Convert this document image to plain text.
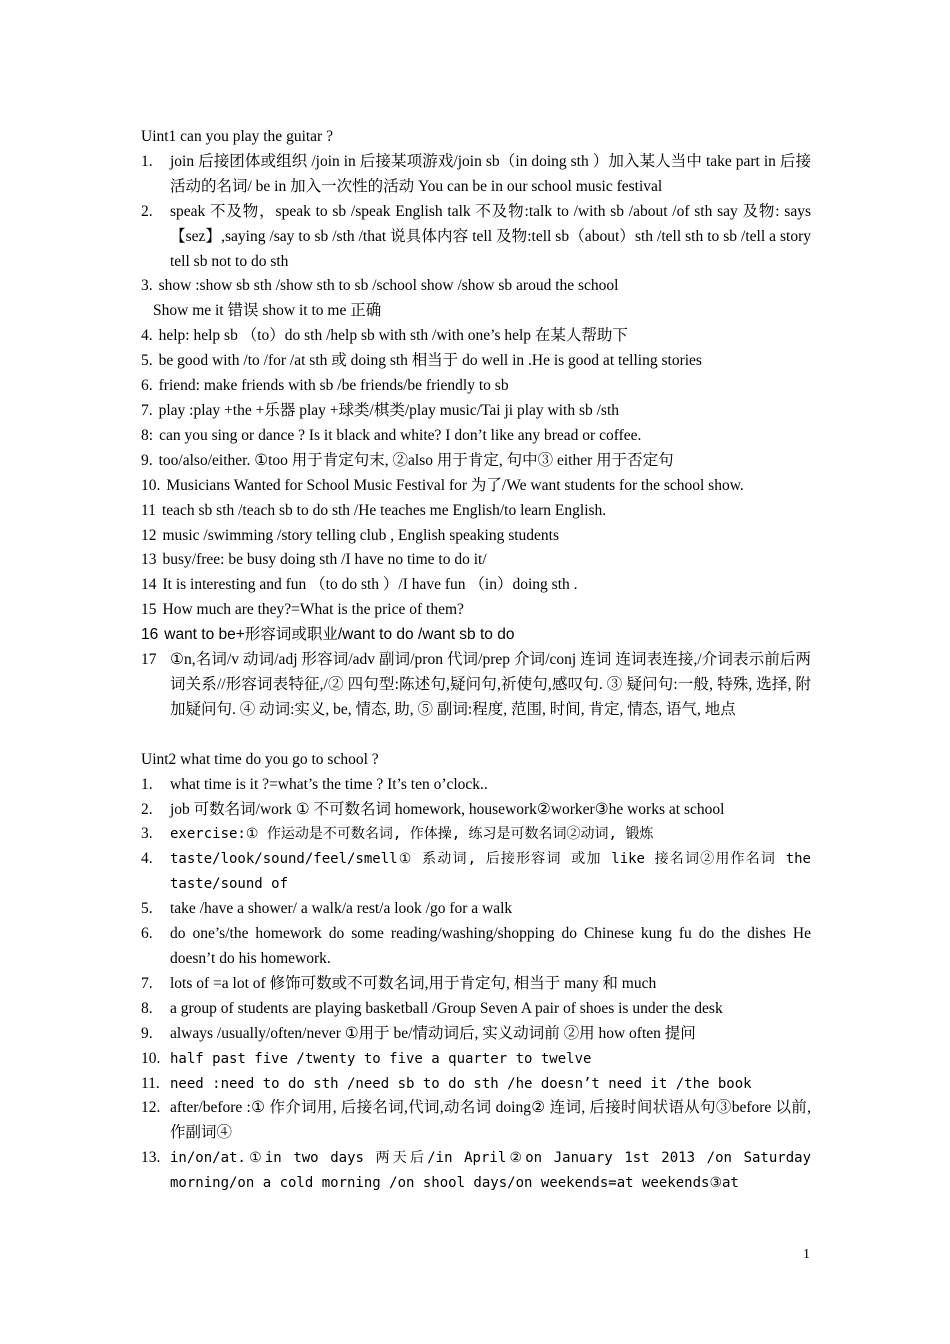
Uint1 can you play the guitar ?
1. join 后接团体或组织 /join in 后接某项游戏/join sb（in doing sth ）加入某人当中 take part in 后接活动的名词/ be in 加入一次性的活动 You can be in our school music festival
2. speak 不及物，speak to sb /speak English talk 不及物:talk to /with sb /about /of sth say 及物: says【sez】,saying /say to sb /sth /that 说具体内容 tell 及物:tell sb（about）sth /tell sth to sb /tell a story tell sb not to do sth
3. show :show sb sth /show sth to sb /school show /show sb aroud the school
Show me it 错误 show it to me 正确
4. help: help sb （to）do sth /help sb with sth /with one’s help 在某人帮助下
5. be good with /to /for /at sth 或 doing sth 相当于 do well in .He is good at telling stories
6. friend: make friends with sb /be friends/be friendly to sb
7. play :play +the +乐器 play +球类/棋类/play music/Tai ji play with sb /sth
8: can you sing or dance ? Is it black and white? I don’t like any bread or coffee.
9. too/also/either. ①too 用于肯定句末, ②also 用于肯定, 句中③ either 用于否定句
10. Musicians Wanted for School Music Festival for 为了/We want students for the school show.
11 teach sb sth /teach sb to do sth /He teaches me English/to learn English.
12 music /swimming /story telling club , English speaking students
13 busy/free: be busy doing sth /I have no time to do it/
14 It is interesting and fun （to do sth ）/I have fun （in）doing sth .
15 How much are they?=What is the price of them?
16 want to be+形容词或职业/want to do /want sb to do
17 ①n,名词/v 动词/adj 形容词/adv 副词/pron 代词/prep 介词/conj 连词 连词表连接,/介词表示前后两词关系//形容词表特征,/② 四句型:陈述句,疑问句,祈使句,感叹句. ③ 疑问句:一般, 特殊, 选择, 附加疑问句. ④ 动词:实义, be, 情态, 助, ⑤ 副词:程度, 范围, 时间, 肯定, 情态, 语气, 地点
Uint2 what time do you go to school ?
1. what time is it ?=what’s the time ? It’s ten o’clock..
2. job 可数名词/work ① 不可数名词 homework, housework②worker③he works at school
3. exercise:① 作运动是不可数名词, 作体操, 练习是可数名词②动词, 锻炼
4. taste/look/sound/feel/smell① 系动词, 后接形容词 或加 like 接名词②用作名词 the taste/sound of
5. take /have a shower/ a walk/a rest/a look /go for a walk
6. do one’s/the homework do some reading/washing/shopping do Chinese kung fu do the dishes He doesn’t do his homework.
7. lots of =a lot of 修饰可数或不可数名词,用于肯定句, 相当于 many 和 much
8. a group of students are playing basketball /Group Seven A pair of shoes is under the desk
9. always /usually/often/never ①用于 be/情动词后, 实义动词前 ②用 how often 提问
10. half past five /twenty to five a quarter to twelve
11. need :need to do sth /need sb to do sth /he doesn’t need it /the book
12. after/before :① 作介词用, 后接名词,代词,动名词 doing② 连词, 后接时间状语从句③before 以前, 作副词④
13. in/on/at.①in two days 两天后/in April②on January 1st 2013 /on Saturday morning/on a cold morning /on shool days/on weekends=at weekends③at
1
